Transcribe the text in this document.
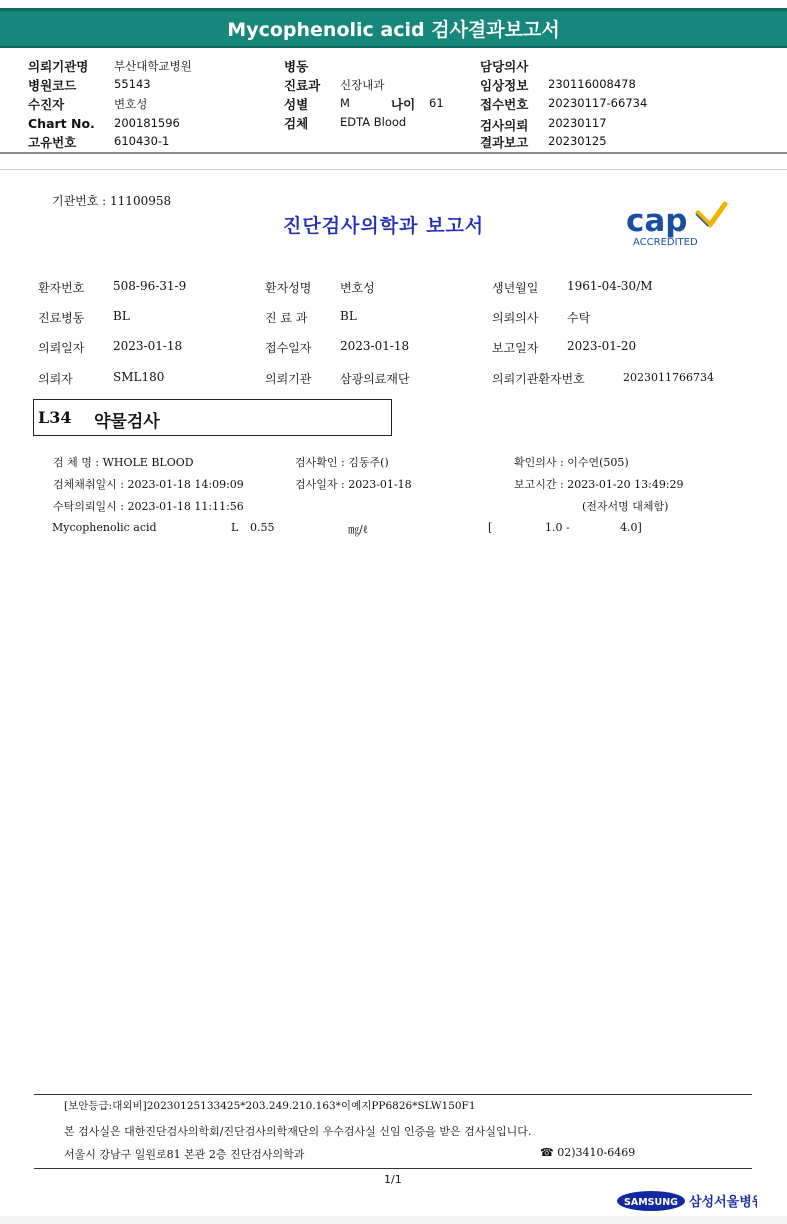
Mycophenolic acid 검사결과보고서
의뢰기관명 부산대학교병원
병원코드	55143
수진자	변호성
Chart No. 200181596
고유번호	610430-1
병동
진료과 신장내과
성별	M	나이 61
검체	EDTA Blood
담당의사
임상정보 230116008478
접수번호 20230117-66734
검사의뢰 20230117
결과보고 20230125
기관번호 : 11100958
진단검사의학과 보고서	cap
ACCREDITED
환자번호 508-96-31-9	환자성명 변호성	생년월일 1961-04-30/M
진료병동 BL	진 료 과	BL	의뢰의사 수탁
의뢰일자 2023-01-18	접수일자 2023-01-18	보고일자 2023-01-20
의뢰자	SML180	의뢰기관 삼광의료재단	의뢰기관환자번호	2023011766734
L34 약물검사
검 체 명 : WHOLE BLOOD	검사확인 : 김동주()	확인의사 : 이수연(505)
검체채취일시 : 2023-01-18 14:09:09	검사일자 : 2023-01-18	보고시간 : 2023-01-20 13:49:29
수탁의뢰일시 : 2023-01-18 11:11:56	(전자서명 대체함)
Mycophenolic acid	L 0.55	㎎/ℓ	[	1.0 -	4.0]
[보안등급:대외비]20230125133425*203.249.210.163*이예지PP6826*SLW150F1
본 검사실은 대한진단검사의학회/진단검사의학재단의 우수검사실 신임 인증을 받은 검사실입니다.
서울시 강남구 일원로81 본관 2층 진단검사의학과	☎ 02)3410-6469
1/1
SAMSUNG 삼성서울병원
